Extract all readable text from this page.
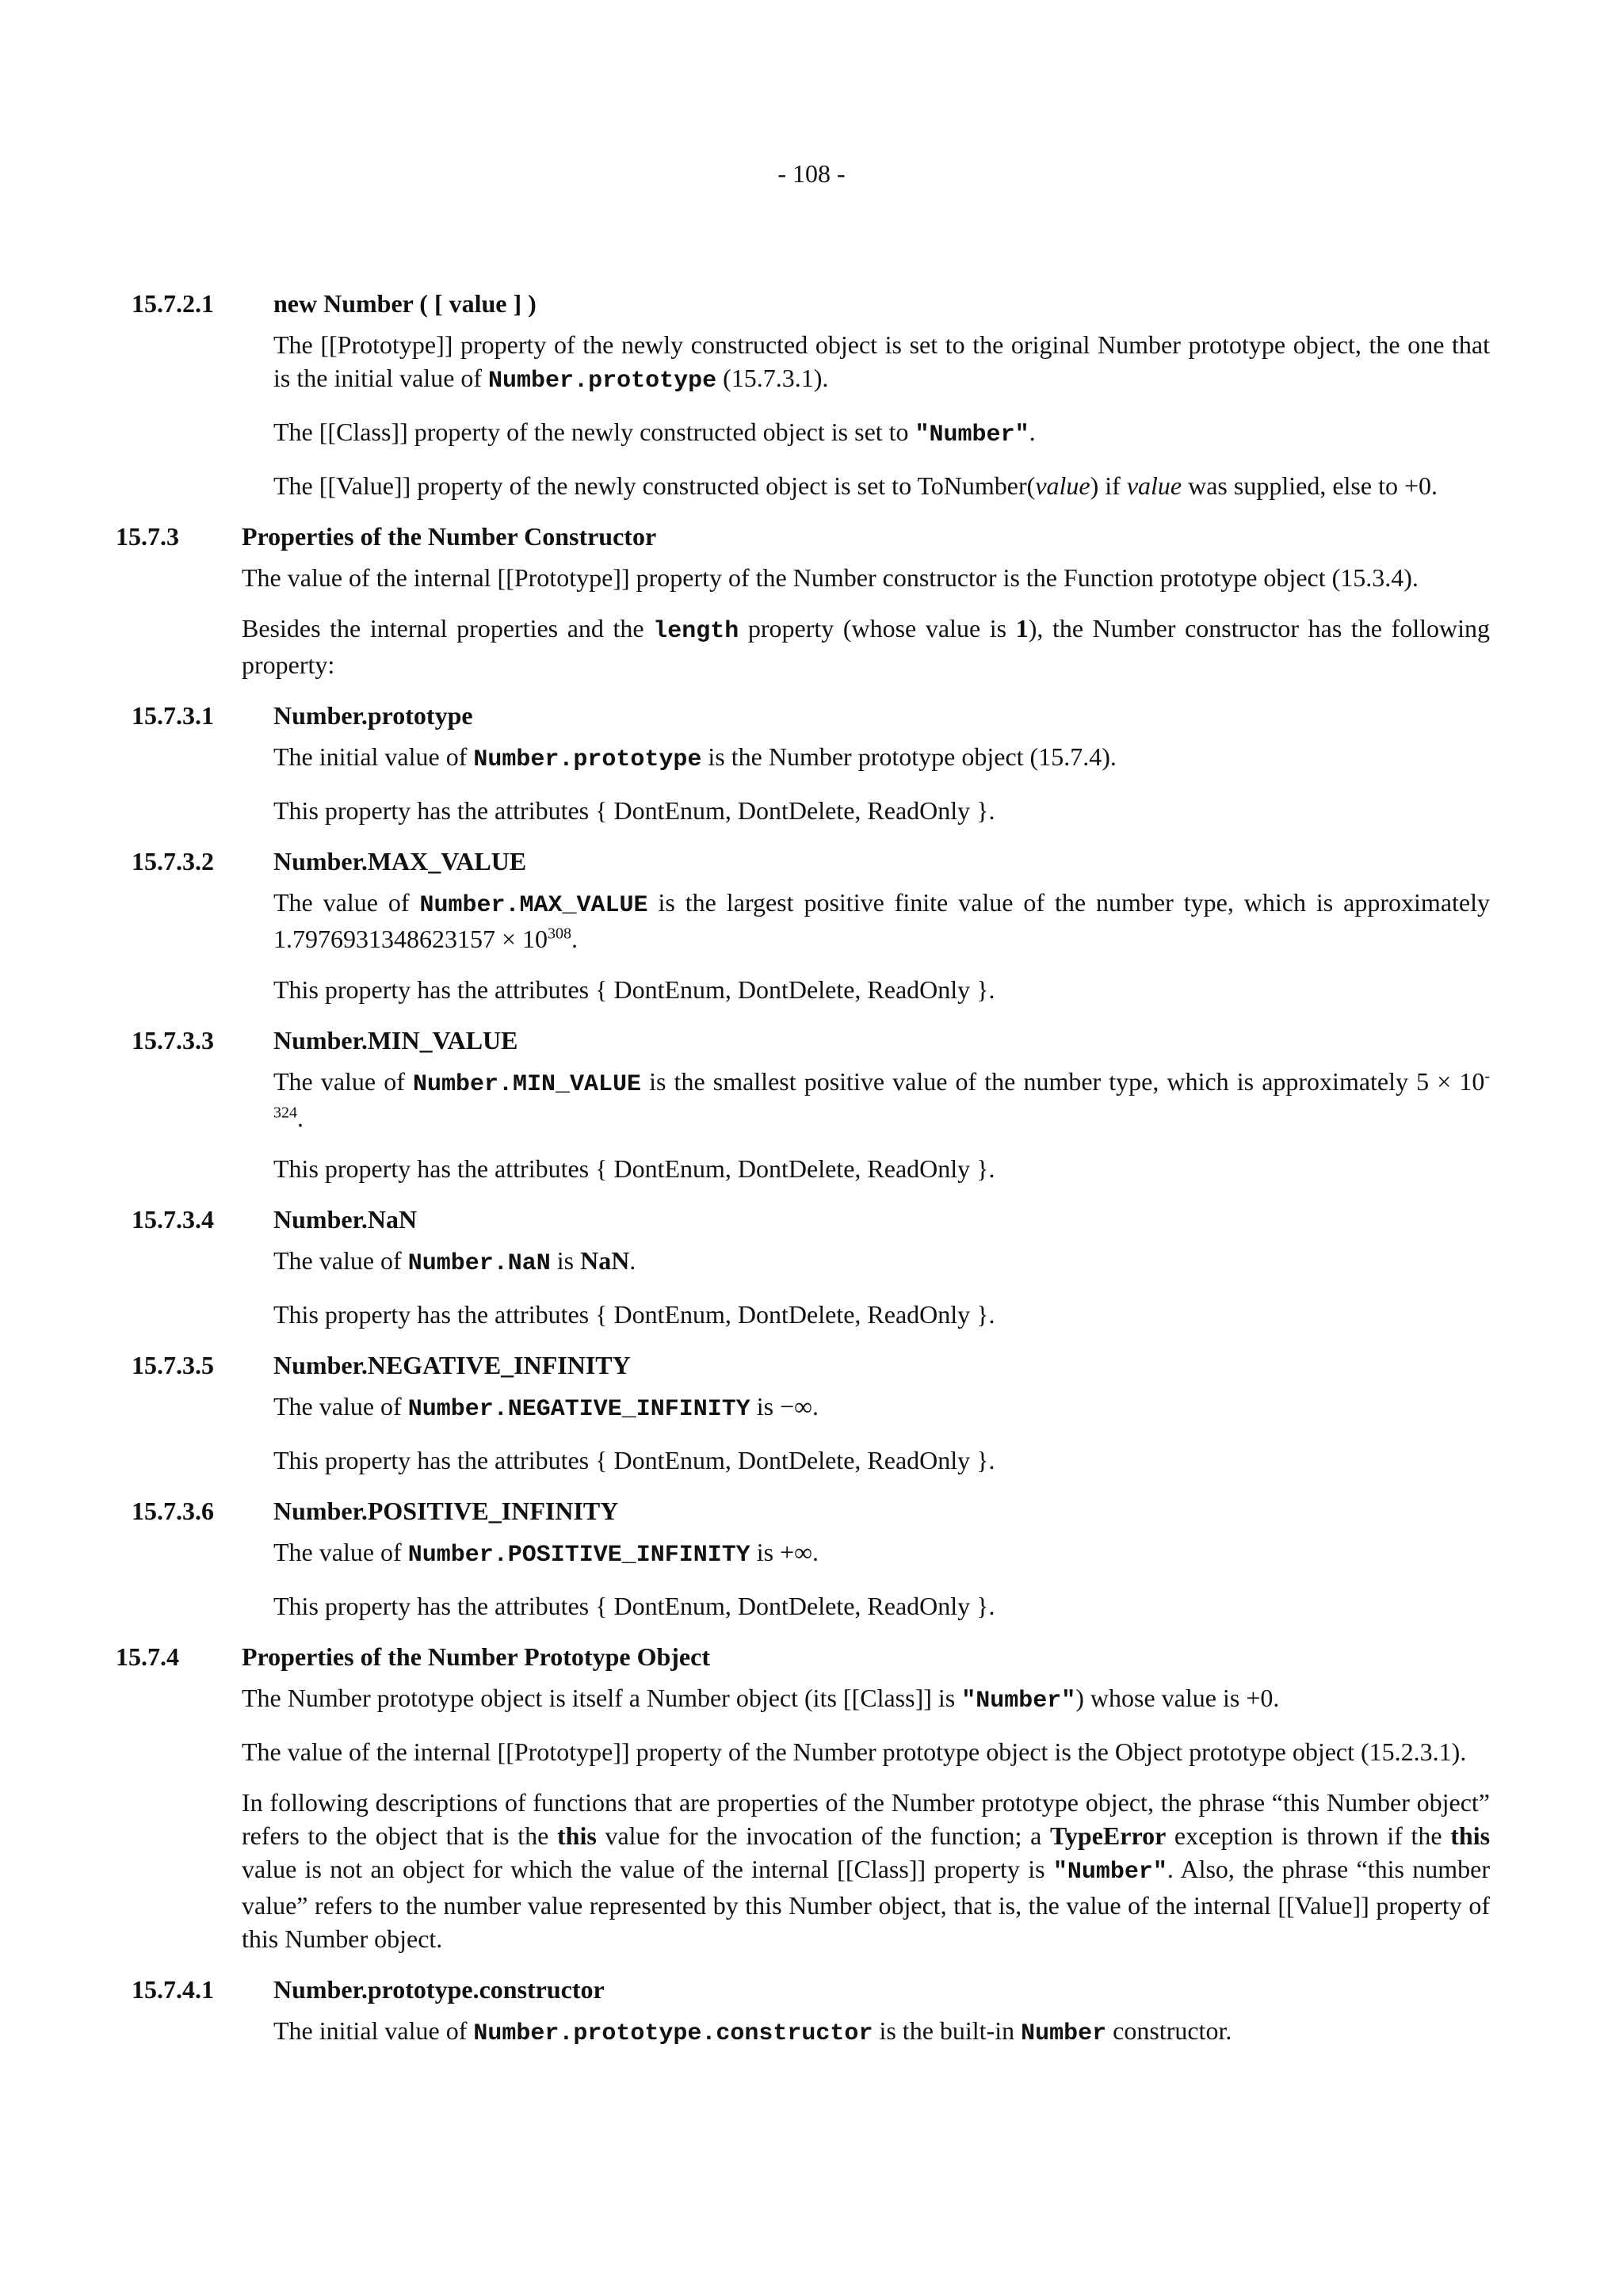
- 108 -
15.7.2.1 new Number ( [ value ] )
The [[Prototype]] property of the newly constructed object is set to the original Number prototype object, the one that is the initial value of Number.prototype (15.7.3.1).
The [[Class]] property of the newly constructed object is set to "Number".
The [[Value]] property of the newly constructed object is set to ToNumber(value) if value was supplied, else to +0.
15.7.3 Properties of the Number Constructor
The value of the internal [[Prototype]] property of the Number constructor is the Function prototype object (15.3.4).
Besides the internal properties and the length property (whose value is 1), the Number constructor has the following property:
15.7.3.1 Number.prototype
The initial value of Number.prototype is the Number prototype object (15.7.4).
This property has the attributes { DontEnum, DontDelete, ReadOnly }.
15.7.3.2 Number.MAX_VALUE
The value of Number.MAX_VALUE is the largest positive finite value of the number type, which is approximately $1.7976931348623157 \times 10^{308}$.
This property has the attributes { DontEnum, DontDelete, ReadOnly }.
15.7.3.3 Number.MIN_VALUE
The value of Number.MIN_VALUE is the smallest positive value of the number type, which is approximately $5 \times 10^{-324}$.
This property has the attributes { DontEnum, DontDelete, ReadOnly }.
15.7.3.4 Number.NaN
The value of Number.NaN is NaN.
This property has the attributes { DontEnum, DontDelete, ReadOnly }.
15.7.3.5 Number.NEGATIVE_INFINITY
The value of Number.NEGATIVE_INFINITY is −∞.
This property has the attributes { DontEnum, DontDelete, ReadOnly }.
15.7.3.6 Number.POSITIVE_INFINITY
The value of Number.POSITIVE_INFINITY is +∞.
This property has the attributes { DontEnum, DontDelete, ReadOnly }.
15.7.4 Properties of the Number Prototype Object
The Number prototype object is itself a Number object (its [[Class]] is "Number") whose value is +0.
The value of the internal [[Prototype]] property of the Number prototype object is the Object prototype object (15.2.3.1).
In following descriptions of functions that are properties of the Number prototype object, the phrase “this Number object” refers to the object that is the this value for the invocation of the function; a TypeError exception is thrown if the this value is not an object for which the value of the internal [[Class]] property is "Number". Also, the phrase “this number value” refers to the number value represented by this Number object, that is, the value of the internal [[Value]] property of this Number object.
15.7.4.1 Number.prototype.constructor
The initial value of Number.prototype.constructor is the built-in Number constructor.
